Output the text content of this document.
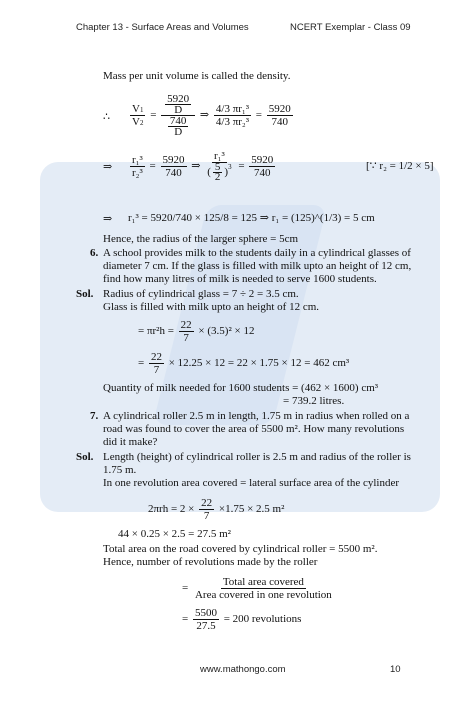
Chapter 13 - Surface Areas and Volumes	NCERT Exemplar - Class 09
Mass per unit volume is called the density.
∴ $\frac{V_1}{V_2} = \frac{\frac{5920}{D}}{\frac{740}{D}}$ ⇒ $\frac{\text{4/3 πr₁³}}{\text{4/3 πr₂³}} = \frac{5920}{740}$
⇒ $\frac{\text{r₁³}}{\text{r₂³}} = \frac{5920}{740}$ ⇒ $\frac{\text{r₁³}}{( \frac{5}{2} )^3} = \frac{5920}{740}$	[∵ r₂ = 1/2 × 5]
⇒ r₁³ = 5920/740 × 125/8 = 125 ⇒ r₁ = (125)^(1/3) = 5 cm
Hence, the radius of the larger sphere = 5cm
6. A school provides milk to the students daily in a cylindrical glasses of
diameter 7 cm. If the glass is filled with milk upto an height of 12 cm,
find how many litres of milk is needed to serve 1600 students.
Sol. Radius of cylindrical glass = 7 ÷ 2 = 3.5 cm.
Glass is filled with milk upto an height of 12 cm.
= πr²h =
$\frac{22}{7}$
× (3.5)² × 12
=
$\frac{22}{7}$
× 12.25 × 12 = 22 × 1.75 × 12 = 462 cm³
Quantity of milk needed for 1600 students = (462 × 1600) cm³
= 739.2 litres.
7. A cylindrical roller 2.5 m in length, 1.75 m in radius when rolled on a
road was found to cover the area of 5500 m². How many revolutions
did it make?
Sol. Length (height) of cylindrical roller is 2.5 m and radius of the roller is
1.75 m.
In one revolution area covered = lateral surface area of the cylinder
2πrh = 2 ×
$\frac{22}{7}$
×1.75 × 2.5 m²
44 × 0.25 × 2.5 = 27.5 m²
Total area on the road covered by cylindrical roller = 5500 m².
Hence, number of revolutions made by the roller
=
$\frac{\text{Total area covered}}{\text{Area covered in one revolution}}$
=
$\frac{5500}{27.5}$
= 200 revolutions
www.mathongo.com	10
